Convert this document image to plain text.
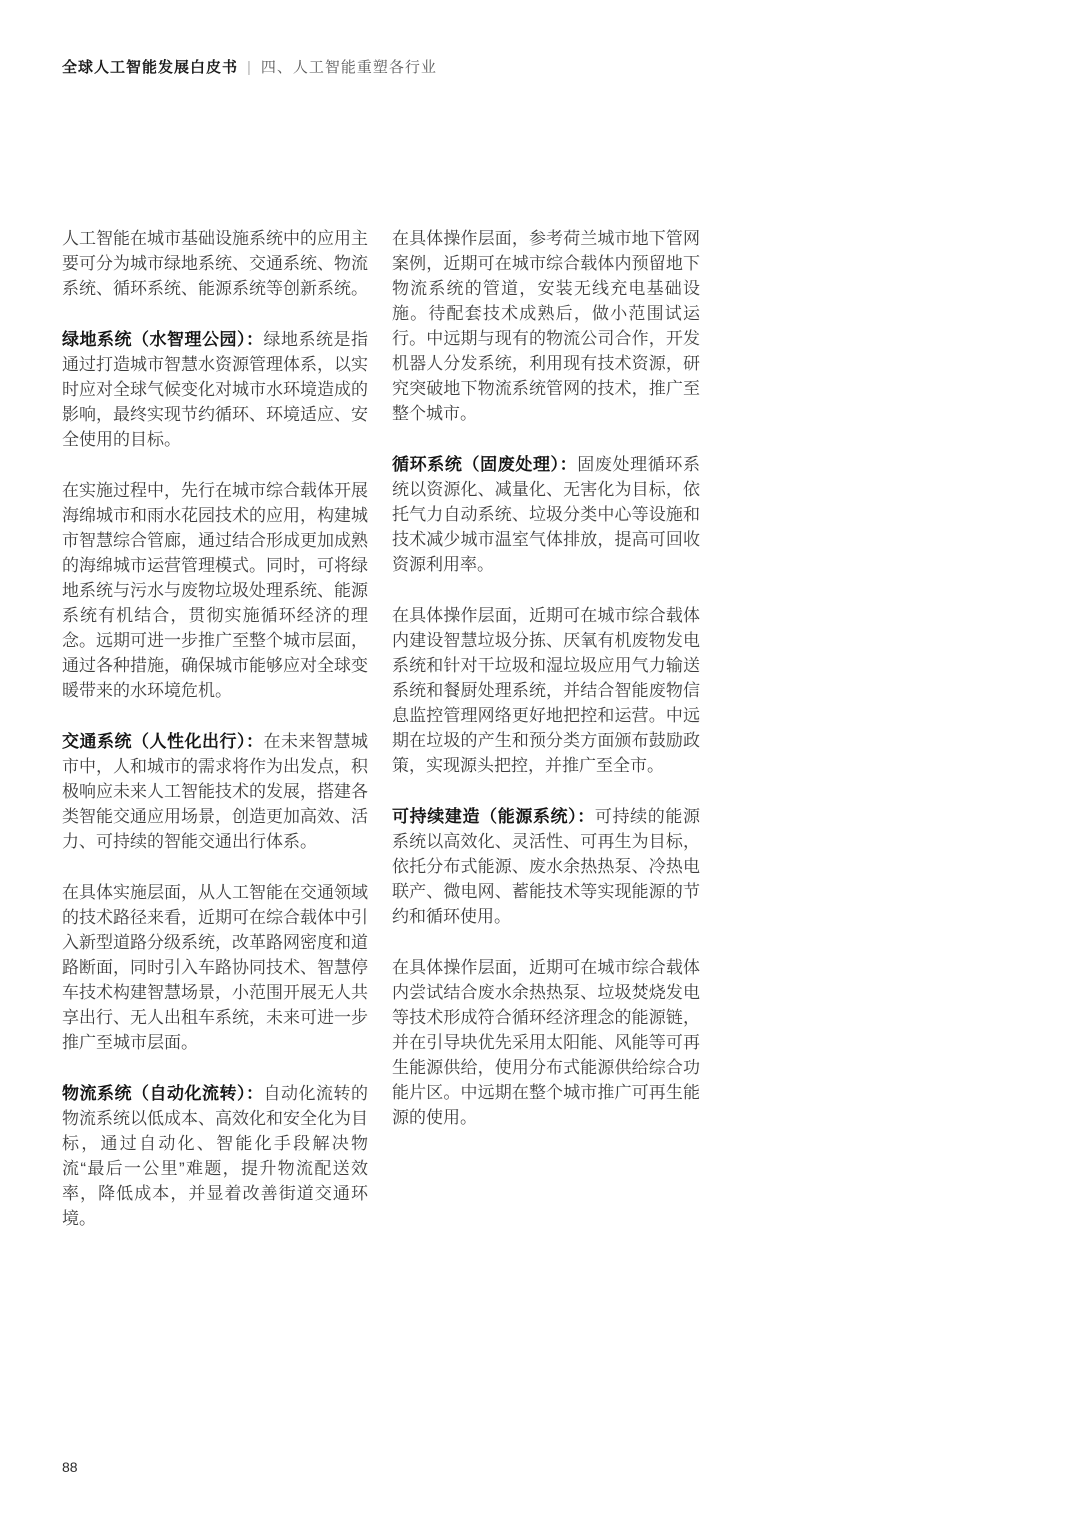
全球人工智能发展白皮书 | 四、人工智能重塑各行业

人工智能在城市基础设施系统中的应用主要可分为城市绿地系统、交通系统、物流系统、循环系统、能源系统等创新系统。

绿地系统（水智理公园）：绿地系统是指通过打造城市智慧水资源管理体系，以实时应对全球气候变化对城市水环境造成的影响，最终实现节约循环、环境适应、安全使用的目标。

在实施过程中，先行在城市综合载体开展海绵城市和雨水花园技术的应用，构建城市智慧综合管廊，通过结合形成更加成熟的海绵城市运营管理模式。同时，可将绿地系统与污水与废物垃圾处理系统、能源系统有机结合，贯彻实施循环经济的理念。远期可进一步推广至整个城市层面，通过各种措施，确保城市能够应对全球变暖带来的水环境危机。

交通系统（人性化出行）：在未来智慧城市中，人和城市的需求将作为出发点，积极响应未来人工智能技术的发展，搭建各类智能交通应用场景，创造更加高效、活力、可持续的智能交通出行体系。

在具体实施层面，从人工智能在交通领域的技术路径来看，近期可在综合载体中引入新型道路分级系统，改革路网密度和道路断面，同时引入车路协同技术、智慧停车技术构建智慧场景，小范围开展无人共享出行、无人出租车系统，未来可进一步推广至城市层面。

物流系统（自动化流转）：自动化流转的物流系统以低成本、高效化和安全化为目标，通过自动化、智能化手段解决物流“最后一公里”难题，提升物流配送效率，降低成本，并显着改善街道交通环境。

在具体操作层面，参考荷兰城市地下管网案例，近期可在城市综合载体内预留地下物流系统的管道，安装无线充电基础设施。待配套技术成熟后，做小范围试运行。中远期与现有的物流公司合作，开发机器人分发系统，利用现有技术资源，研究突破地下物流系统管网的技术，推广至整个城市。

循环系统（固废处理）：固废处理循环系统以资源化、减量化、无害化为目标，依托气力自动系统、垃圾分类中心等设施和技术减少城市温室气体排放，提高可回收资源利用率。

在具体操作层面，近期可在城市综合载体内建设智慧垃圾分拣、厌氧有机废物发电系统和针对干垃圾和湿垃圾应用气力输送系统和餐厨处理系统，并结合智能废物信息监控管理网络更好地把控和运营。中远期在垃圾的产生和预分类方面颁布鼓励政策，实现源头把控，并推广至全市。

可持续建造（能源系统）：可持续的能源系统以高效化、灵活性、可再生为目标，依托分布式能源、废水余热热泵、冷热电联产、微电网、蓄能技术等实现能源的节约和循环使用。

在具体操作层面，近期可在城市综合载体内尝试结合废水余热热泵、垃圾焚烧发电等技术形成符合循环经济理念的能源链，并在引导块优先采用太阳能、风能等可再生能源供给，使用分布式能源供给综合功能片区。中远期在整个城市推广可再生能源的使用。

88
